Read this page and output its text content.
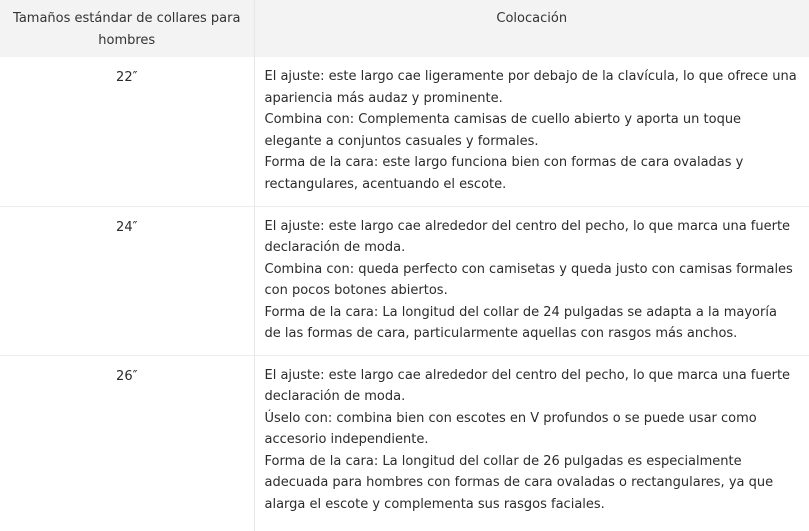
Tamaños estándar de collares para hombres	Colocación
22″	El ajuste: este largo cae ligeramente por debajo de la clavícula, lo que ofrece una apariencia más audaz y prominente.
Combina con: Complementa camisas de cuello abierto y aporta un toque elegante a conjuntos casuales y formales.
Forma de la cara: este largo funciona bien con formas de cara ovaladas y rectangulares, acentuando el escote.

24″	El ajuste: este largo cae alrededor del centro del pecho, lo que marca una fuerte declaración de moda.
Combina con: queda perfecto con camisetas y queda justo con camisas formales con pocos botones abiertos.
Forma de la cara: La longitud del collar de 24 pulgadas se adapta a la mayoría de las formas de cara, particularmente aquellas con rasgos más anchos.

26″	El ajuste: este largo cae alrededor del centro del pecho, lo que marca una fuerte declaración de moda.
Úselo con: combina bien con escotes en V profundos o se puede usar como accesorio independiente.
Forma de la cara: La longitud del collar de 26 pulgadas es especialmente adecuada para hombres con formas de cara ovaladas o rectangulares, ya que alarga el escote y complementa sus rasgos faciales.
